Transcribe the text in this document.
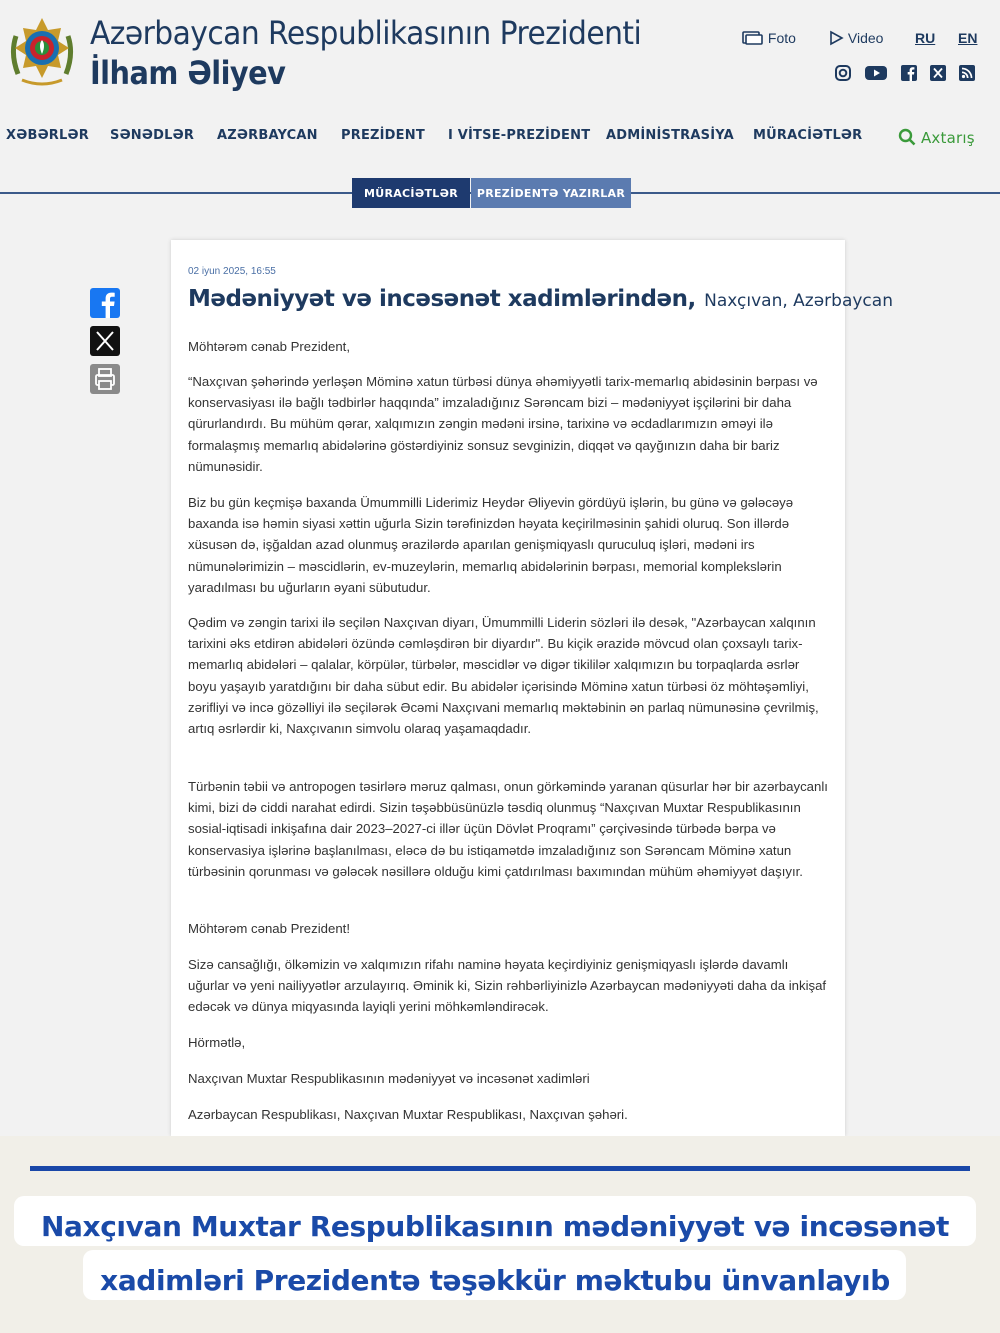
Azərbaycan Respublikasının Prezidenti
İlham Əliyev
Foto	Video RU EN
XƏBƏRLƏR SƏNƏDLƏR AZƏRBAYCAN PREZİDENT I VİTSE-PREZİDENT ADMİNİSTRASİYA MÜRACİƏTLƏR	Axtarış
MÜRACİƏTLƏR	PREZİDENTƏ YAZIRLAR
02 iyun 2025, 16:55
Mədəniyyət və incəsənət xadimlərindən, Naxçıvan, Azərbaycan

Möhtərəm cənab Prezident,

“Naxçıvan şəhərində yerləşən Möminə xatun türbəsi dünya əhəmiyyətli tarix-memarlıq abidəsinin bərpası və konservasiyası ilə bağlı tədbirlər haqqında” imzaladığınız Sərəncam bizi – mədəniyyət işçilərini bir daha qürurlandırdı. Bu mühüm qərar, xalqımızın zəngin mədəni irsinə, tarixinə və əcdadlarımızın əməyi ilə formalaşmış memarlıq abidələrinə göstərdiyiniz sonsuz sevginizin, diqqət və qayğınızın daha bir bariz nümunəsidir.

Biz bu gün keçmişə baxanda Ümummilli Liderimiz Heydər Əliyevin gördüyü işlərin, bu günə və gələcəyə baxanda isə həmin siyasi xəttin uğurla Sizin tərəfinizdən həyata keçirilməsinin şahidi oluruq. Son illərdə xüsusən də, işğaldan azad olunmuş ərazilərdə aparılan genişmiqyaslı quruculuq işləri, mədəni irs nümunələrimizin – məscidlərin, ev-muzeylərin, memarlıq abidələrinin bərpası, memorial komplekslərin yaradılması bu uğurların əyani sübutudur.

Qədim və zəngin tarixi ilə seçilən Naxçıvan diyarı, Ümummilli Liderin sözləri ilə desək, "Azərbaycan xalqının tarixini əks etdirən abidələri özündə cəmləşdirən bir diyardır". Bu kiçik ərazidə mövcud olan çoxsaylı tarix-memarlıq abidələri – qalalar, körpülər, türbələr, məscidlər və digər tikililər xalqımızın bu torpaqlarda əsrlər boyu yaşayıb yaratdığını bir daha sübut edir. Bu abidələr içərisində Möminə xatun türbəsi öz möhtəşəmliyi, zərifliyi və incə gözəlliyi ilə seçilərək Əcəmi Naxçıvani memarlıq məktəbinin ən parlaq nümunəsinə çevrilmiş, artıq əsrlərdir ki, Naxçıvanın simvolu olaraq yaşamaqdadır.

Türbənin təbii və antropogen təsirlərə məruz qalması, onun görkəmində yaranan qüsurlar hər bir azərbaycanlı kimi, bizi də ciddi narahat edirdi. Sizin təşəbbüsünüzlə təsdiq olunmuş “Naxçıvan Muxtar Respublikasının sosial-iqtisadi inkişafına dair 2023–2027-ci illər üçün Dövlət Proqramı” çərçivəsində türbədə bərpa və konservasiya işlərinə başlanılması, eləcə də bu istiqamətdə imzaladığınız son Sərəncam Möminə xatun türbəsinin qorunması və gələcək nəsillərə olduğu kimi çatdırılması baxımından mühüm əhəmiyyət daşıyır.

Möhtərəm cənab Prezident!

Sizə cansağlığı, ölkəmizin və xalqımızın rifahı naminə həyata keçirdiyiniz genişmiqyaslı işlərdə davamlı uğurlar və yeni nailiyyətlər arzulayırıq. Əminik ki, Sizin rəhbərliyinizlə Azərbaycan mədəniyyəti daha da inkişaf edəcək və dünya miqyasında layiqli yerini möhkəmləndirəcək.

Hörmətlə,

Naxçıvan Muxtar Respublikasının mədəniyyət və incəsənət xadimləri

Azərbaycan Respublikası, Naxçıvan Muxtar Respublikası, Naxçıvan şəhəri.

Naxçıvan Muxtar Respublikasının mədəniyyət və incəsənət
xadimləri Prezidentə təşəkkür məktubu ünvanlayıb
